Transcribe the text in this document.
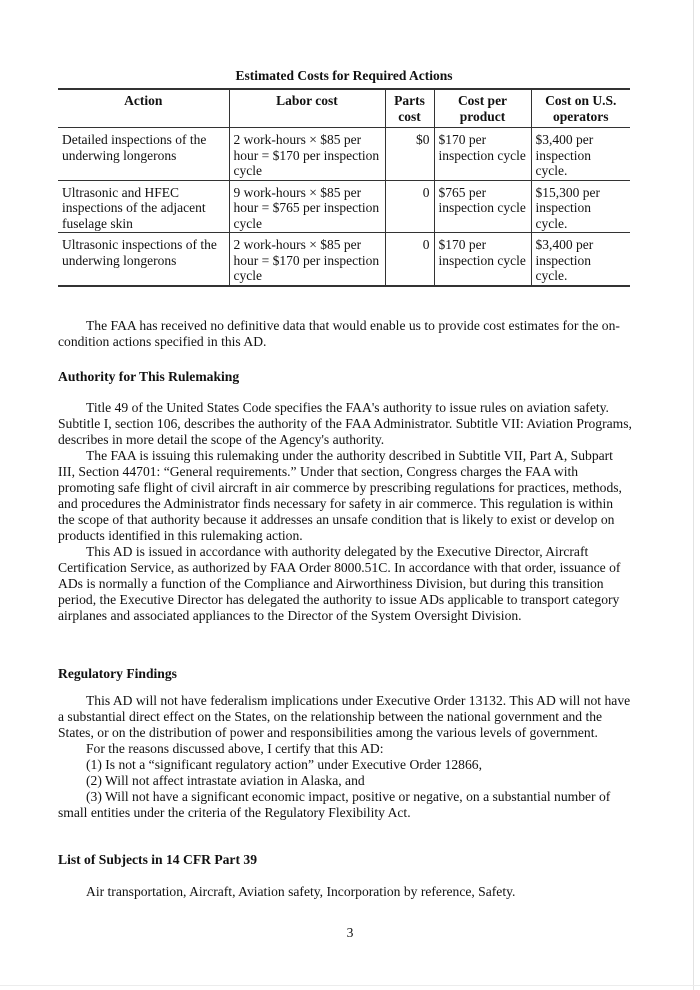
Estimated Costs for Required Actions
Action	Labor cost	Parts cost	Cost per product	Cost on U.S. operators
Detailed inspections of the underwing longerons	2 work-hours × $85 per hour = $170 per inspection cycle	$0	$170 per inspection cycle	$3,400 per inspection cycle.
Ultrasonic and HFEC inspections of the adjacent fuselage skin	9 work-hours × $85 per hour = $765 per inspection cycle	0	$765 per inspection cycle	$15,300 per inspection cycle.
Ultrasonic inspections of the underwing longerons	2 work-hours × $85 per hour = $170 per inspection cycle	0	$170 per inspection cycle	$3,400 per inspection cycle.

The FAA has received no definitive data that would enable us to provide cost estimates for the on-condition actions specified in this AD.

Authority for This Rulemaking

Title 49 of the United States Code specifies the FAA's authority to issue rules on aviation safety. Subtitle I, section 106, describes the authority of the FAA Administrator. Subtitle VII: Aviation Programs, describes in more detail the scope of the Agency's authority.

The FAA is issuing this rulemaking under the authority described in Subtitle VII, Part A, Subpart III, Section 44701: “General requirements.” Under that section, Congress charges the FAA with promoting safe flight of civil aircraft in air commerce by prescribing regulations for practices, methods, and procedures the Administrator finds necessary for safety in air commerce. This regulation is within the scope of that authority because it addresses an unsafe condition that is likely to exist or develop on products identified in this rulemaking action.

This AD is issued in accordance with authority delegated by the Executive Director, Aircraft Certification Service, as authorized by FAA Order 8000.51C. In accordance with that order, issuance of ADs is normally a function of the Compliance and Airworthiness Division, but during this transition period, the Executive Director has delegated the authority to issue ADs applicable to transport category airplanes and associated appliances to the Director of the System Oversight Division.

Regulatory Findings

This AD will not have federalism implications under Executive Order 13132. This AD will not have a substantial direct effect on the States, on the relationship between the national government and the States, or on the distribution of power and responsibilities among the various levels of government.

For the reasons discussed above, I certify that this AD:

(1) Is not a “significant regulatory action” under Executive Order 12866,

(2) Will not affect intrastate aviation in Alaska, and

(3) Will not have a significant economic impact, positive or negative, on a substantial number of small entities under the criteria of the Regulatory Flexibility Act.

List of Subjects in 14 CFR Part 39

Air transportation, Aircraft, Aviation safety, Incorporation by reference, Safety.

3
